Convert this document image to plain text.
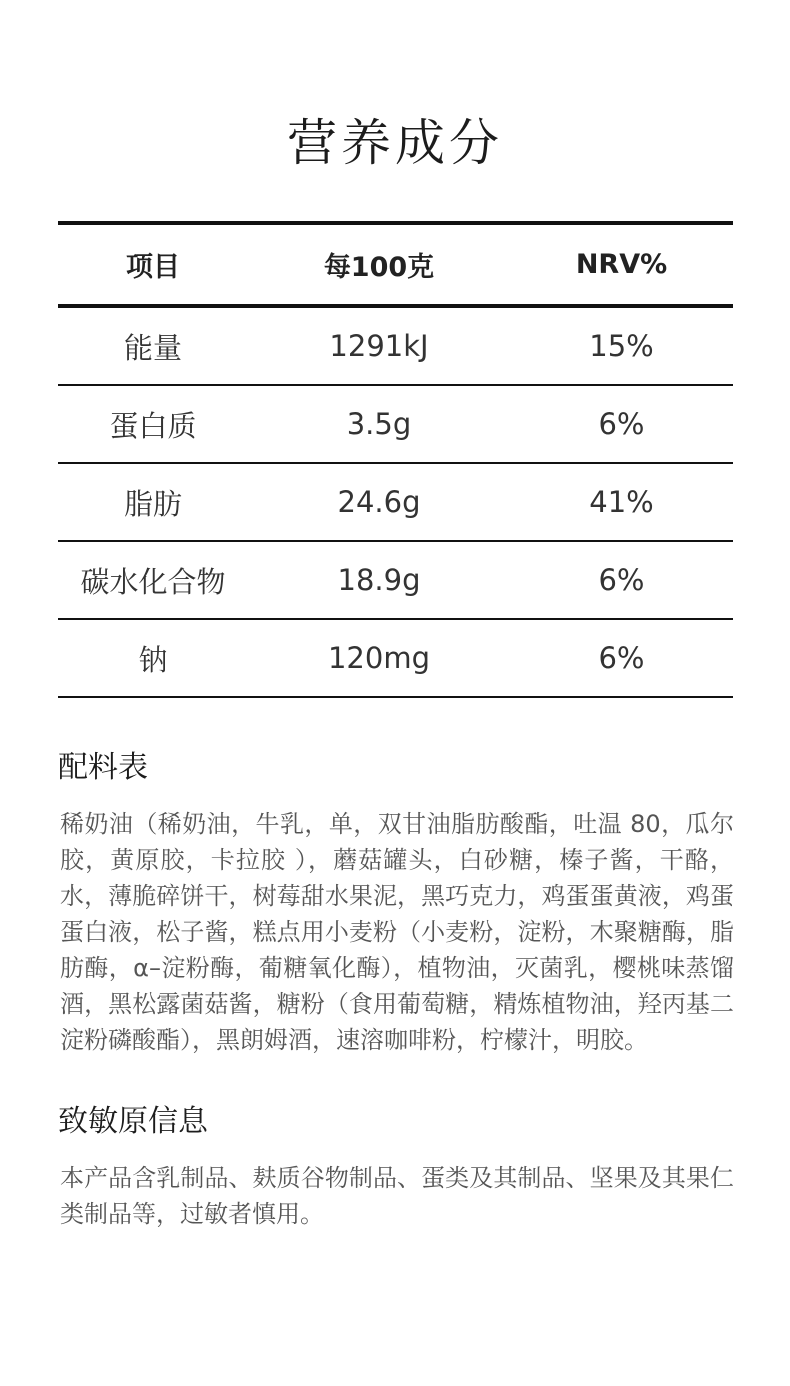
营养成分
项目	每100克	NRV%
能量	1291kJ	15%
蛋白质	3.5g	6%
脂肪	24.6g	41%
碳水化合物	18.9g	6%
钠	120mg	6%
配料表

稀奶油（稀奶油，牛乳，单，双甘油脂肪酸酯，吐温 80，瓜尔胶，黄原胶，卡拉胶 ），蘑菇罐头，白砂糖，榛子酱，干酪，水，薄脆碎饼干，树莓甜水果泥，黑巧克力，鸡蛋蛋黄液，鸡蛋蛋白液，松子酱，糕点用小麦粉（小麦粉，淀粉，木聚糖酶，脂肪酶，α–淀粉酶，葡糖氧化酶），植物油，灭菌乳，樱桃味蒸馏酒，黑松露菌菇酱，糖粉（食用葡萄糖，精炼植物油，羟丙基二淀粉磷酸酯），黑朗姆酒，速溶咖啡粉，柠檬汁，明胶。

致敏原信息

本产品含乳制品、麸质谷物制品、蛋类及其制品、坚果及其果仁类制品等，过敏者慎用。
